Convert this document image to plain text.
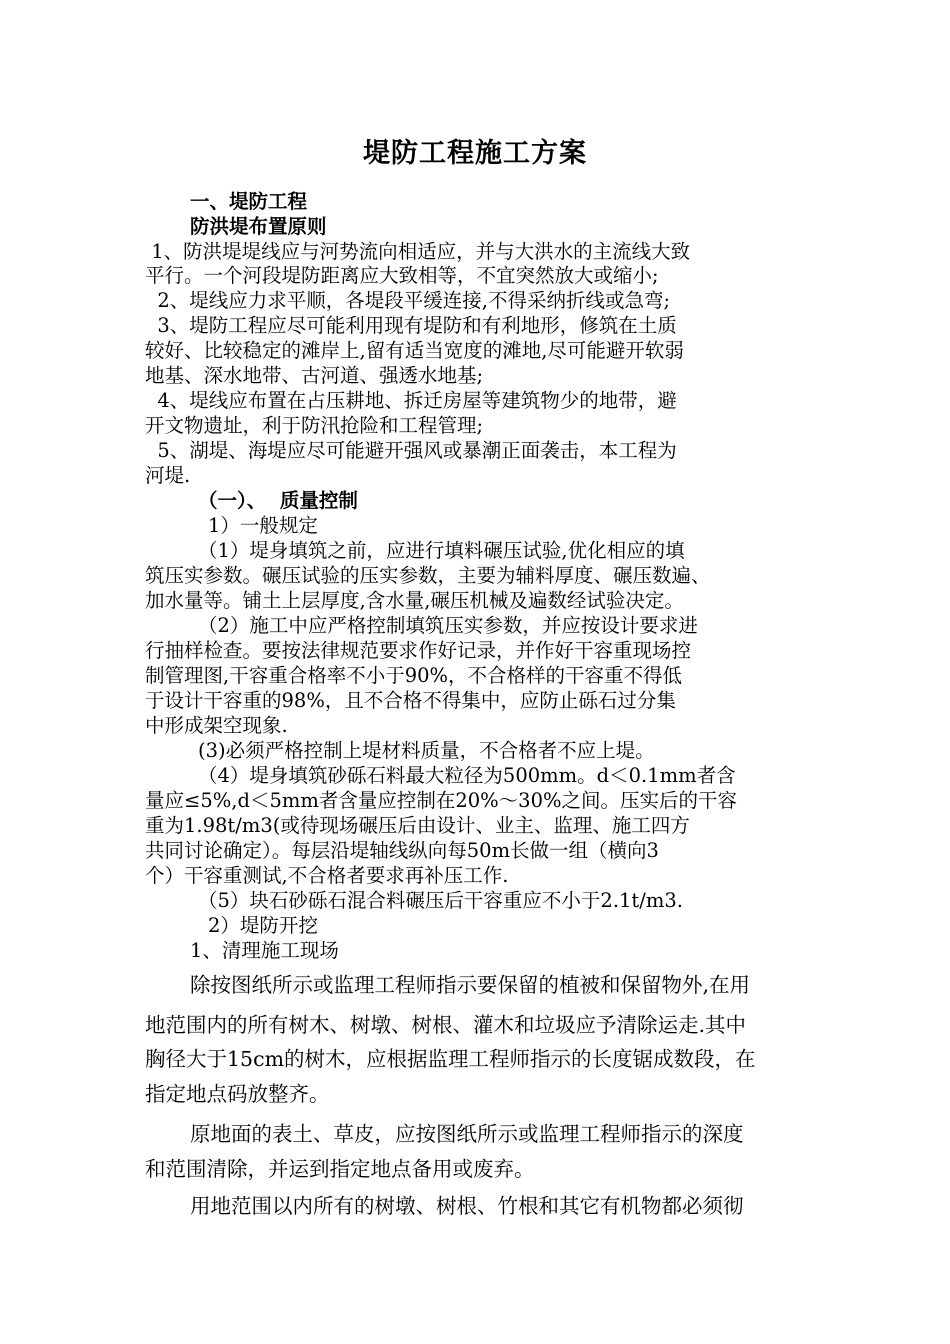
堤防工程施工方案
一、堤防工程
防洪堤布置原则
1、防洪堤堤线应与河势流向相适应，并与大洪水的主流线大致
平行。一个河段堤防距离应大致相等，不宜突然放大或缩小;
2、堤线应力求平顺，各堤段平缓连接,不得采纳折线或急弯;
3、堤防工程应尽可能利用现有堤防和有利地形，修筑在土质
较好、比较稳定的滩岸上,留有适当宽度的滩地,尽可能避开软弱
地基、深水地带、古河道、强透水地基;
4、堤线应布置在占压耕地、拆迁房屋等建筑物少的地带，避
开文物遗址，利于防汛抢险和工程管理;
5、湖堤、海堤应尽可能避开强风或暴潮正面袭击，本工程为
河堤.
（一）、  质量控制
1）一般规定
（1）堤身填筑之前，应进行填料碾压试验,优化相应的填
筑压实参数。碾压试验的压实参数，主要为辅料厚度、碾压数遍、
加水量等。铺土上层厚度,含水量,碾压机械及遍数经试验决定。
（2）施工中应严格控制填筑压实参数，并应按设计要求进
行抽样检查。要按法律规范要求作好记录，并作好干容重现场控
制管理图,干容重合格率不小于90%，不合格样的干容重不得低
于设计干容重的98%，且不合格不得集中，应防止砾石过分集
中形成架空现象.
(3)必须严格控制上堤材料质量，不合格者不应上堤。
（4）堤身填筑砂砾石料最大粒径为500mm。d＜0.1mm者含
量应≤5%,d＜5mm者含量应控制在20%～30%之间。压实后的干容
重为1.98t/m3(或待现场碾压后由设计、业主、监理、施工四方
共同讨论确定）。每层沿堤轴线纵向每50m长做一组（横向3
个）干容重测试,不合格者要求再补压工作.
（5）块石砂砾石混合料碾压后干容重应不小于2.1t/m3.
2）堤防开挖
1、清理施工现场
除按图纸所示或监理工程师指示要保留的植被和保留物外,在用
地范围内的所有树木、树墩、树根、灌木和垃圾应予清除运走.其中
胸径大于15cm的树木，应根据监理工程师指示的长度锯成数段，在
指定地点码放整齐。
原地面的表土、草皮，应按图纸所示或监理工程师指示的深度
和范围清除，并运到指定地点备用或废弃。
用地范围以内所有的树墩、树根、竹根和其它有机物都必须彻
